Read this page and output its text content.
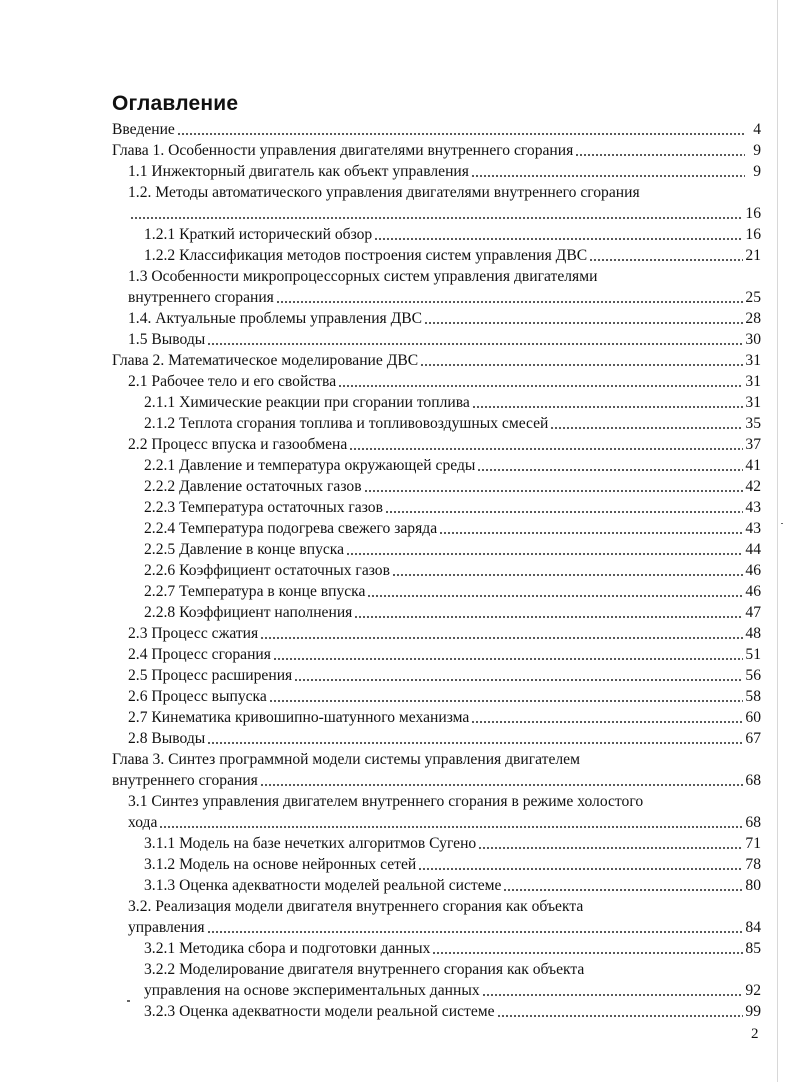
Оглавление
Введение	4
Глава 1. Особенности управления двигателями внутреннего сгорания	9
1.1 Инжекторный двигатель как объект управления	9
1.2. Методы автоматического управления двигателями внутреннего сгорания
16
1.2.1 Краткий исторический обзор	16
1.2.2 Классификация методов построения систем управления ДВС	21
1.3 Особенности микропроцессорных систем управления двигателями
внутреннего сгорания	25
1.4. Актуальные проблемы управления ДВС	28
1.5 Выводы	30
Глава 2. Математическое моделирование ДВС	31
2.1 Рабочее тело и его свойства	31
2.1.1 Химические реакции при сгорании топлива	31
2.1.2 Теплота сгорания топлива и топливовоздушных смесей	35
2.2 Процесс впуска и газообмена	37
2.2.1 Давление и температура окружающей среды	41
2.2.2 Давление остаточных газов	42
2.2.3 Температура остаточных газов	43
2.2.4 Температура подогрева свежего заряда	43
2.2.5 Давление в конце впуска	44
2.2.6 Коэффициент остаточных газов	46
2.2.7 Температура в конце впуска	46
2.2.8 Коэффициент наполнения	47
2.3 Процесс сжатия	48
2.4 Процесс сгорания	51
2.5 Процесс расширения	56
2.6 Процесс выпуска	58
2.7 Кинематика кривошипно-шатунного механизма	60
2.8 Выводы	67
Глава 3. Синтез программной модели системы управления двигателем
внутреннего сгорания	68
3.1 Синтез управления двигателем внутреннего сгорания в режиме холостого
хода	68
3.1.1 Модель на базе нечетких алгоритмов Сугено	71
3.1.2 Модель на основе нейронных сетей	78
3.1.3 Оценка адекватности моделей реальной системе	80
3.2. Реализация модели двигателя внутреннего сгорания как объекта
управления	84
3.2.1 Методика сбора и подготовки данных	85
3.2.2 Моделирование двигателя внутреннего сгорания как объекта
управления на основе экспериментальных данных	92
3.2.3 Оценка адекватности модели реальной системе	99
2
